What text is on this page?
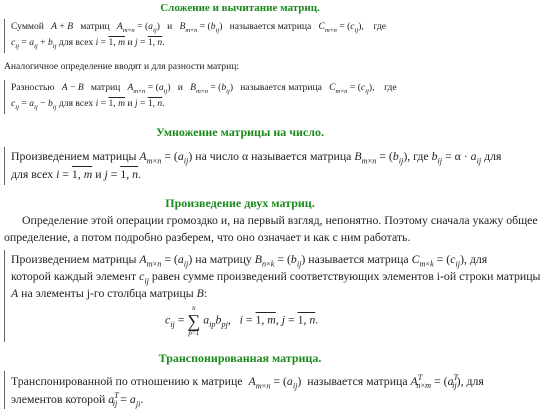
Сложение и вычитание матриц.
Суммой A + B матриц $A_{m\times n} = (a_{ij})$   и $B_{m\times n} = (b_{ij})$   называется матрица $C_{m\times n} = (c_{ij})$,    где
$c_{ij} = a_{ij} + b_{ij}$ для всех i = 1, m и j = 1, n.
Аналогичное определение вводят и для разности матриц:
Разностью A − B матриц $A_{m\times n} = (a_{ij})$   и $B_{m\times n} = (b_{ij})$   называется матрица $C_{m\times n} = (c_{ij})$,    где
$c_{ij} = a_{ij} - b_{ij}$ для всех i = 1, m и j = 1, n.
Умножение матрицы на число.
Произведением матрицы $A_{m\times n} = (a_{ij})$ на число α называется матрица $B_{m\times n} = (b_{ij})$, где $b_{ij} = \alpha \cdot a_{ij}$ для
для всех i = 1, m и j = 1, n.
Произведение двух матриц.
Определение этой операции громоздко и, на первый взгляд, непонятно. Поэтому сначала укажу общее
определение, а потом подробно разберем, что оно означает и как с ним работать.
Произведением матрицы $A_{m\times n} = (a_{ij})$ на матрицу $B_{n\times k} = (b_{ij})$ называется матрица $C_{m\times k} = (c_{ij})$, для
которой каждый элемент $c_{ij}$ равен сумме произведений соответствующих элементов i-ой строки матрицы
A на элементы j-го столбца матрицы B:
$c_{ij}$ =
n
∑
p=1
$a_{ip}b_{pj}$,   i = 1, m, j = 1, n.
Транспонированная матрица.
Транспонированной по отношению к матрице $A_{m\times n} = (a_{ij})$  называется матрица $A^T_{n\times m} = (a^T_{ij})$, для
элементов которой $a^T_{ij} = a_{ji}$.
